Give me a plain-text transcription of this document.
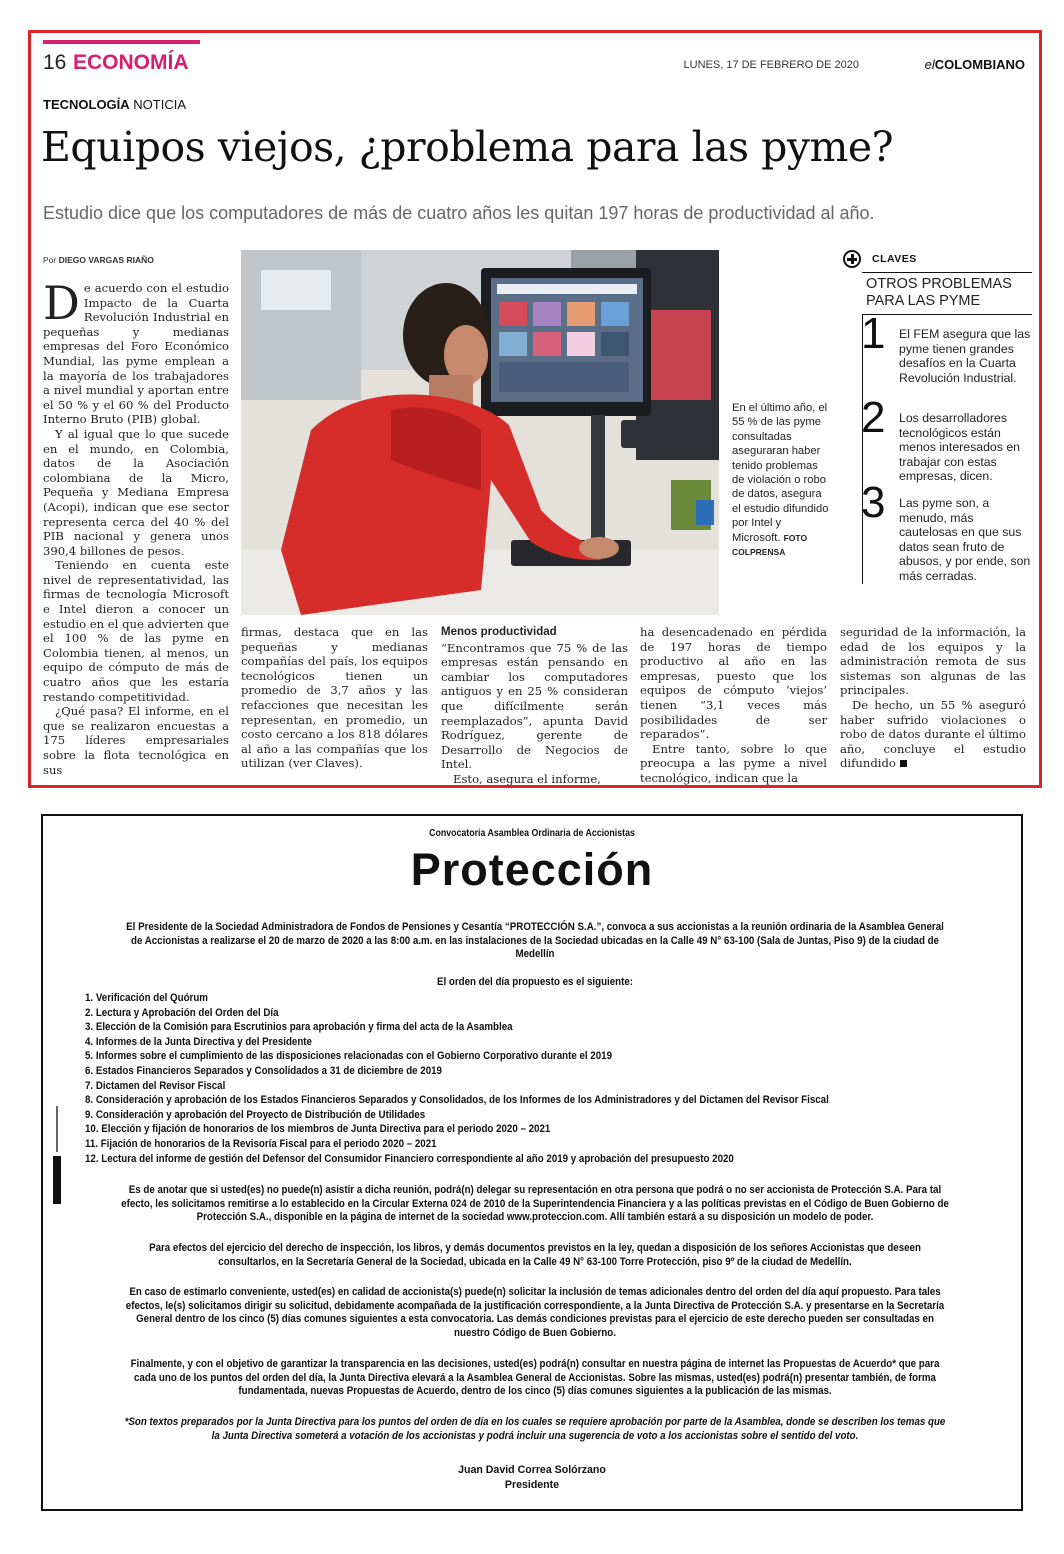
16 ECONOMÍA	LUNES, 17 DE FEBRERO DE 2020	elCOLOMBIANO
TECNOLOGÍA NOTICIA
Equipos viejos, ¿problema para las pyme?
Estudio dice que los computadores de más de cuatro años les quitan 197 horas de productividad al año.
Por DIEGO VARGAS RIAÑO

De acuerdo con el estudio Impacto de la Cuarta Revolución Industrial en pequeñas y medianas empresas del Foro Económico Mundial, las pyme emplean a la mayoría de los trabajadores a nivel mundial y aportan entre el 50 % y el 60 % del Producto Interno Bruto (PIB) global.

Y al igual que lo que sucede en el mundo, en Colombia, datos de la Asociación colombiana de la Micro, Pequeña y Mediana Empresa (Acopi), indican que ese sector representa cerca del 40 % del PIB nacional y genera unos 390,4 billones de pesos.

Teniendo en cuenta este nivel de representatividad, las firmas de tecnología Microsoft e Intel dieron a conocer un estudio en el que advierten que el 100 % de las pyme en Colombia tienen, al menos, un equipo de cómputo de más de cuatro años que les estaría restando competitividad.

¿Qué pasa? El informe, en el que se realizaron encuestas a 175 líderes empresariales sobre la flota tecnológica en sus

En el último año, el 55 % de las pyme consultadas aseguraran haber tenido problemas de violación o robo de datos, asegura el estudio difundido por Intel y Microsoft. FOTO COLPRENSA
CLAVES
OTROS PROBLEMAS PARA LAS PYME
1 El FEM asegura que las pyme tienen grandes desafíos en la Cuarta Revolución Industrial.
2 Los desarrolladores tecnológicos están menos interesados en trabajar con estas empresas, dicen.
3 Las pyme son, a menudo, más cautelosas en que sus datos sean fruto de abusos, y por ende, son más cerradas.

firmas, destaca que en las pequeñas y medianas compañías del país, los equipos tecnológicos tienen un promedio de 3,7 años y las refacciones que necesitan les representan, en promedio, un costo cercano a los 818 dólares al año a las compañías que los utilizan (ver Claves).

Menos productividad

“Encontramos que 75 % de las empresas están pensando en cambiar los computadores antiguos y en 25 % consideran que difícilmente serán reemplazados”, apunta David Rodríguez, gerente de Desarrollo de Negocios de Intel.

Esto, asegura el informe,

ha desencadenado en pérdida de 197 horas de tiempo productivo al año en las empresas, puesto que los equipos de cómputo ‘viejos’ tienen “3,1 veces más posibilidades de ser reparados”.

Entre tanto, sobre lo que preocupa a las pyme a nivel tecnológico, indican que la

seguridad de la información, la edad de los equipos y la administración remota de sus sistemas son algunas de las principales.

De hecho, un 55 % aseguró haber sufrido violaciones o robo de datos durante el último año, concluye el estudio difundido

Convocatoria Asamblea Ordinaria de Accionistas
Protección
El Presidente de la Sociedad Administradora de Fondos de Pensiones y Cesantía “PROTECCIÓN S.A.”, convoca a sus accionistas a la reunión ordinaria de la Asamblea General de Accionistas a realizarse el 20 de marzo de 2020 a las 8:00 a.m. en las instalaciones de la Sociedad ubicadas en la Calle 49 N° 63-100 (Sala de Juntas, Piso 9) de la ciudad de Medellín
El orden del día propuesto es el siguiente:
1. Verificación del Quórum
2. Lectura y Aprobación del Orden del Día
3. Elección de la Comisión para Escrutinios para aprobación y firma del acta de la Asamblea
4. Informes de la Junta Directiva y del Presidente
5. Informes sobre el cumplimiento de las disposiciones relacionadas con el Gobierno Corporativo durante el 2019
6. Estados Financieros Separados y Consolidados a 31 de diciembre de 2019
7. Dictamen del Revisor Fiscal
8. Consideración y aprobación de los Estados Financieros Separados y Consolidados, de los Informes de los Administradores y del Dictamen del Revisor Fiscal
9. Consideración y aprobación del Proyecto de Distribución de Utilidades
10. Elección y fijación de honorarios de los miembros de Junta Directiva para el periodo 2020 – 2021
11. Fijación de honorarios de la Revisoría Fiscal para el periodo 2020 – 2021
12. Lectura del informe de gestión del Defensor del Consumidor Financiero correspondiente al año 2019 y aprobación del presupuesto 2020
Es de anotar que si usted(es) no puede(n) asistir a dicha reunión, podrá(n) delegar su representación en otra persona que podrá o no ser accionista de Protección S.A. Para tal efecto, les solicitamos remitirse a lo establecido en la Circular Externa 024 de 2010 de la Superintendencia Financiera y a las políticas previstas en el Código de Buen Gobierno de Protección S.A., disponible en la página de internet de la sociedad www.proteccion.com. Allí también estará a su disposición un modelo de poder.
Para efectos del ejercicio del derecho de inspección, los libros, y demás documentos previstos en la ley, quedan a disposición de los señores Accionistas que deseen consultarlos, en la Secretaría General de la Sociedad, ubicada en la Calle 49 N° 63-100 Torre Protección, piso 9º de la ciudad de Medellín.
En caso de estimarlo conveniente, usted(es) en calidad de accionista(s) puede(n) solicitar la inclusión de temas adicionales dentro del orden del día aquí propuesto. Para tales efectos, le(s) solicitamos dirigir su solicitud, debidamente acompañada de la justificación correspondiente, a la Junta Directiva de Protección S.A. y presentarse en la Secretaría General dentro de los cinco (5) días comunes siguientes a esta convocatoria. Las demás condiciones previstas para el ejercicio de este derecho pueden ser consultadas en nuestro Código de Buen Gobierno.
Finalmente, y con el objetivo de garantizar la transparencia en las decisiones, usted(es) podrá(n) consultar en nuestra página de internet las Propuestas de Acuerdo* que para cada uno de los puntos del orden del día, la Junta Directiva elevará a la Asamblea General de Accionistas. Sobre las mismas, usted(es) podrá(n) presentar también, de forma fundamentada, nuevas Propuestas de Acuerdo, dentro de los cinco (5) días comunes siguientes a la publicación de las mismas.
*Son textos preparados por la Junta Directiva para los puntos del orden de día en los cuales se requiere aprobación por parte de la Asamblea, donde se describen los temas que la Junta Directiva someterá a votación de los accionistas y podrá incluir una sugerencia de voto a los accionistas sobre el sentido del voto.
Juan David Correa Solórzano
Presidente
